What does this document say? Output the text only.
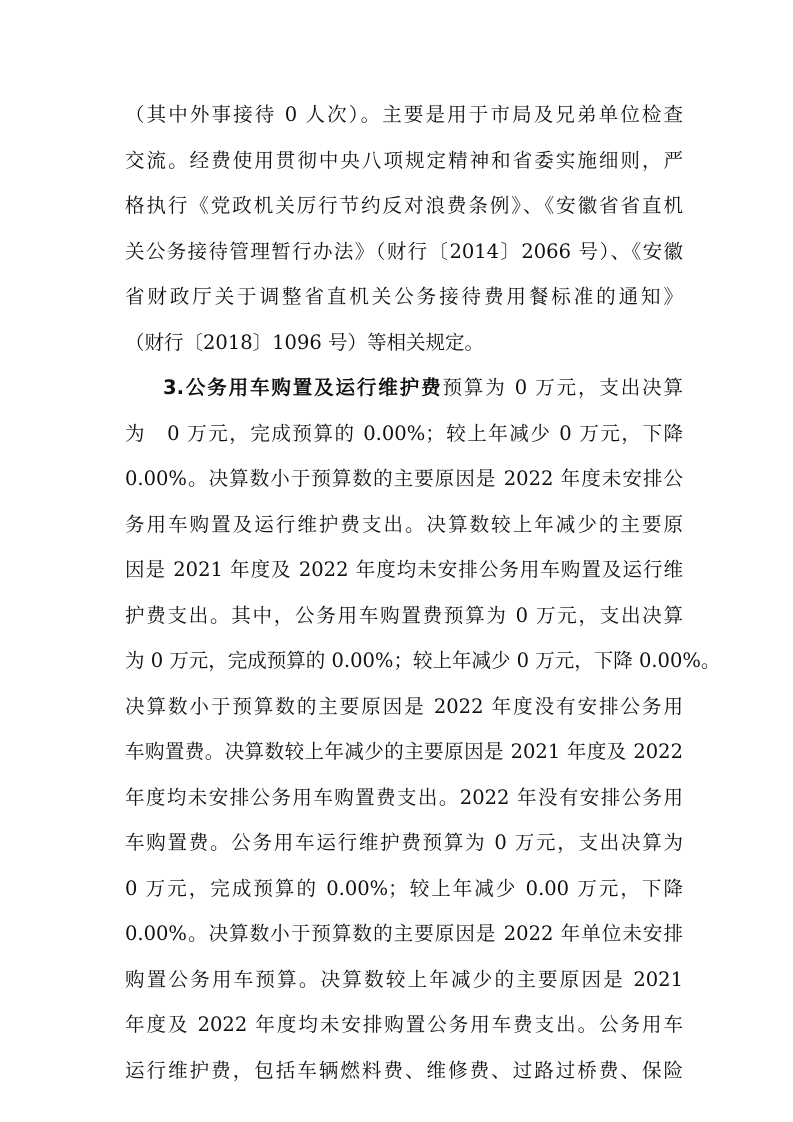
（其中外事接待 0 人次）。主要是用于市局及兄弟单位检查
交流。经费使用贯彻中央八项规定精神和省委实施细则，严
格执行《党政机关厉行节约反对浪费条例》、《安徽省省直机
关公务接待管理暂行办法》（财行〔2014〕2066 号）、《安徽
省财政厅关于调整省直机关公务接待费用餐标准的通知》
（财行〔2018〕1096 号）等相关规定。
3.公务用车购置及运行维护费预算为 0 万元，支出决算
为　0 万元，完成预算的 0.00%；较上年减少 0 万元，下降
0.00%。决算数小于预算数的主要原因是 2022 年度未安排公
务用车购置及运行维护费支出。决算数较上年减少的主要原
因是 2021 年度及 2022 年度均未安排公务用车购置及运行维
护费支出。其中，公务用车购置费预算为 0 万元，支出决算
为 0 万元，完成预算的 0.00%；较上年减少 0 万元，下降 0.00%。
决算数小于预算数的主要原因是 2022 年度没有安排公务用
车购置费。决算数较上年减少的主要原因是 2021 年度及 2022
年度均未安排公务用车购置费支出。2022 年没有安排公务用
车购置费。公务用车运行维护费预算为 0 万元，支出决算为
0 万元，完成预算的 0.00%；较上年减少 0.00 万元，下降
0.00%。决算数小于预算数的主要原因是 2022 年单位未安排
购置公务用车预算。决算数较上年减少的主要原因是 2021
年度及 2022 年度均未安排购置公务用车费支出。公务用车
运行维护费，包括车辆燃料费、维修费、过路过桥费、保险
